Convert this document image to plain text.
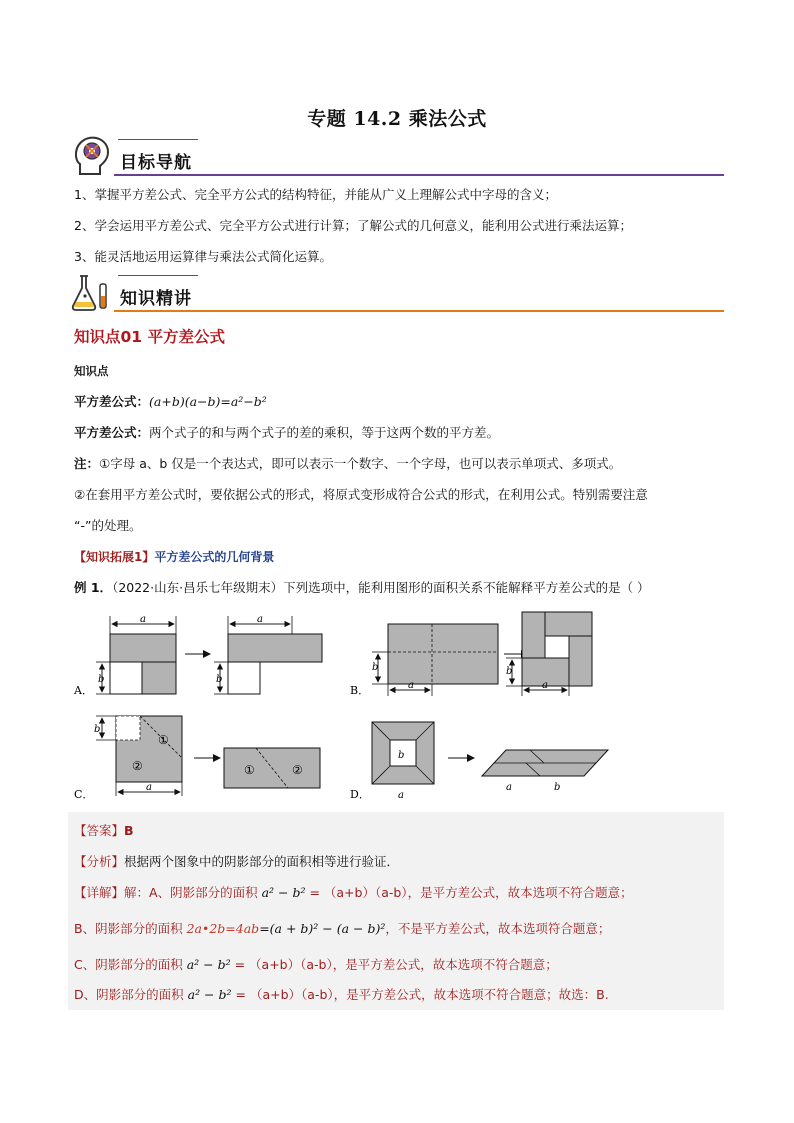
专题 14.2 乘法公式
目标导航
1、掌握平方差公式、完全平方公式的结构特征，并能从广义上理解公式中字母的含义；
2、学会运用平方差公式、完全平方公式进行计算；了解公式的几何意义，能利用公式进行乘法运算；
3、能灵活地运用运算律与乘法公式简化运算。
知识精讲
知识点01 平方差公式
知识点
平方差公式：(a+b)(a−b)=a²−b²
平方差公式：两个式子的和与两个式子的差的乘积，等于这两个数的平方差。
注：①字母 a、b 仅是一个表达式，即可以表示一个数字、一个字母，也可以表示单项式、多项式。
②在套用平方差公式时，要依据公式的形式，将原式变形成符合公式的形式，在利用公式。特别需要注意
“-”的处理。
【知识拓展1】平方差公式的几何背景
例 1．（2022·山东·昌乐七年级期末）下列选项中，能利用图形的面积关系不能解释平方差公式的是（ ）
a
b
A．
a
b
b
a
B．
b
a
①
②
b
a
C．
①	②
b
a
D．
a	b
【答案】B
【分析】根据两个图象中的阴影部分的面积相等进行验证．
【详解】解：A、阴影部分的面积 a² − b² = （a+b）（a-b），是平方差公式，故本选项不符合题意；
B、阴影部分的面积 2a•2b=4ab=(a + b)² − (a − b)²，不是平方差公式，故本选项符合题意；
C、阴影部分的面积 a² − b² = （a+b）（a-b），是平方差公式，故本选项不符合题意；
D、阴影部分的面积 a² − b² = （a+b）（a-b），是平方差公式，故本选项不符合题意；故选：B.
